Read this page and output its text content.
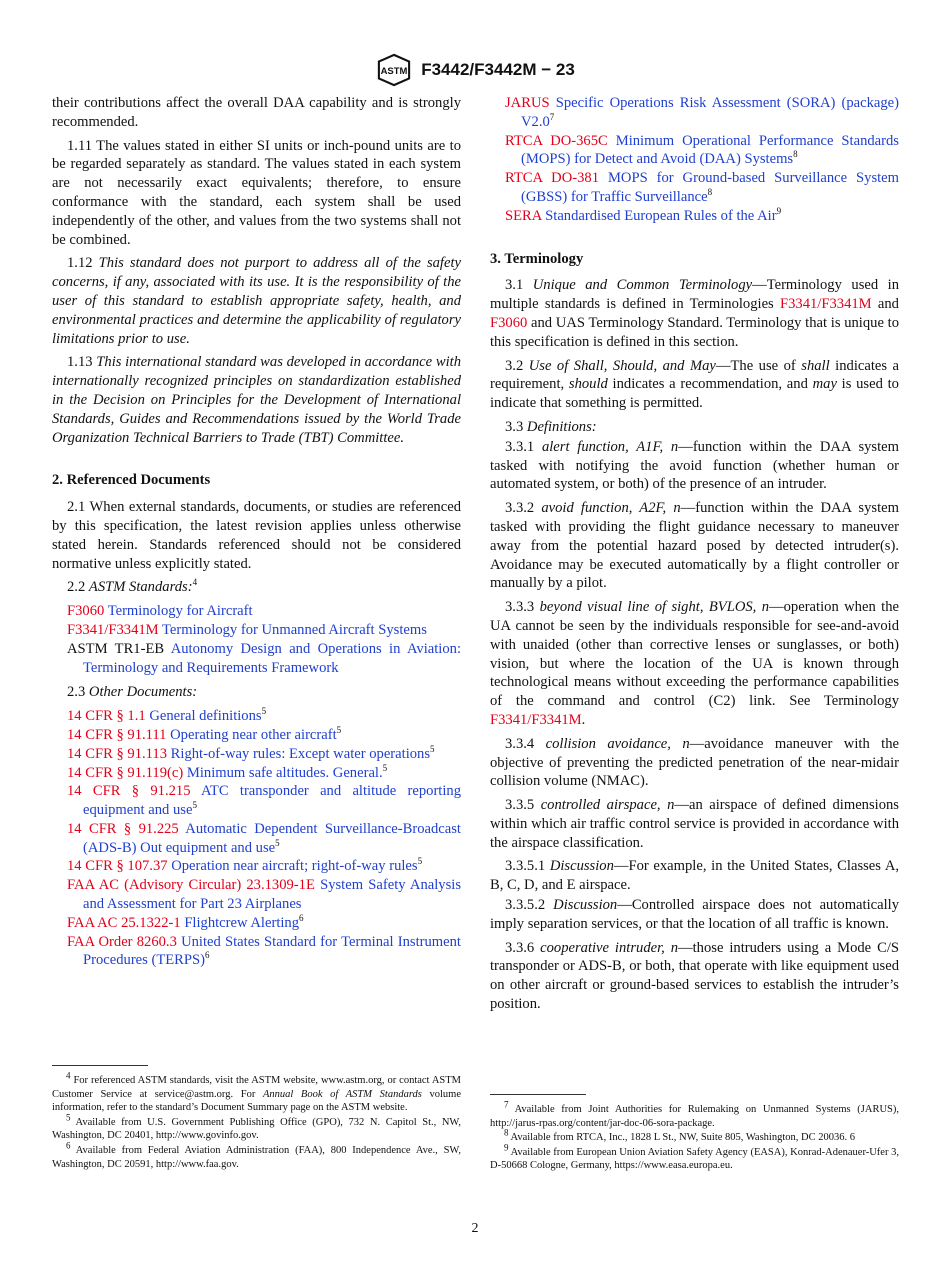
ASTM F3442/F3442M − 23

their contributions affect the overall DAA capability and is strongly recommended.

1.11 The values stated in either SI units or inch-pound units are to be regarded separately as standard. The values stated in each system are not necessarily exact equivalents; therefore, to ensure conformance with the standard, each system shall be used independently of the other, and values from the two systems shall not be combined.

1.12 This standard does not purport to address all of the safety concerns, if any, associated with its use. It is the responsibility of the user of this standard to establish appropriate safety, health, and environmental practices and determine the applicability of regulatory limitations prior to use.

1.13 This international standard was developed in accordance with internationally recognized principles on standardization established in the Decision on Principles for the Development of International Standards, Guides and Recommendations issued by the World Trade Organization Technical Barriers to Trade (TBT) Committee.

2. Referenced Documents

2.1 When external standards, documents, or studies are referenced by this specification, the latest revision applies unless otherwise stated herein. Standards referenced should not be considered normative unless explicitly stated.

2.2 ASTM Standards:$^4$

F3060 Terminology for Aircraft
F3341/F3341M Terminology for Unmanned Aircraft Systems
ASTM TR1-EB Autonomy Design and Operations in Aviation: Terminology and Requirements Framework

2.3 Other Documents:

14 CFR § 1.1 General definitions$^5$
14 CFR § 91.111 Operating near other aircraft$^5$
14 CFR § 91.113 Right-of-way rules: Except water operations$^5$
14 CFR § 91.119(c) Minimum safe altitudes. General.$^5$
14 CFR § 91.215 ATC transponder and altitude reporting equipment and use$^5$
14 CFR § 91.225 Automatic Dependent Surveillance-Broadcast (ADS-B) Out equipment and use$^5$
14 CFR § 107.37 Operation near aircraft; right-of-way rules$^5$
FAA AC (Advisory Circular) 23.1309-1E System Safety Analysis and Assessment for Part 23 Airplanes
FAA AC 25.1322-1 Flightcrew Alerting$^6$
FAA Order 8260.3 United States Standard for Terminal Instrument Procedures (TERPS)$^6$

$^4$ For referenced ASTM standards, visit the ASTM website, www.astm.org, or contact ASTM Customer Service at service@astm.org. For Annual Book of ASTM Standards volume information, refer to the standard’s Document Summary page on the ASTM website.

$^5$ Available from U.S. Government Publishing Office (GPO), 732 N. Capitol St., NW, Washington, DC 20401, http://www.govinfo.gov.

$^6$ Available from Federal Aviation Administration (FAA), 800 Independence Ave., SW, Washington, DC 20591, http://www.faa.gov.

JARUS Specific Operations Risk Assessment (SORA) (package) $V2.0^7$
RTCA DO-365C Minimum Operational Performance Standards (MOPS) for Detect and Avoid (DAA) Systems$^8$
RTCA DO-381 MOPS for Ground-based Surveillance System (GBSS) for Traffic Surveillance$^8$
SERA Standardised European Rules of the Air$^9$
3. Terminology

3.1 Unique and Common Terminology—Terminology used in multiple standards is defined in Terminologies F3341/F3341M and F3060 and UAS Terminology Standard. Terminology that is unique to this specification is defined in this section.

3.2 Use of Shall, Should, and May—The use of shall indicates a requirement, should indicates a recommendation, and may is used to indicate that something is permitted.

3.3 Definitions:

3.3.1 alert function, A1F, n—function within the DAA system tasked with notifying the avoid function (whether human or automated system, or both) of the presence of an intruder.

3.3.2 avoid function, A2F, n—function within the DAA system tasked with providing the flight guidance necessary to maneuver away from the potential hazard posed by detected intruder(s). Avoidance may be executed automatically by a flight controller or manually by a pilot.

3.3.3 beyond visual line of sight, BVLOS, n—operation when the UA cannot be seen by the individuals responsible for see-and-avoid with unaided (other than corrective lenses or sunglasses, or both) vision, but where the location of the UA is known through technological means without exceeding the performance capabilities of the command and control (C2) link. See Terminology F3341/F3341M.

3.3.4 collision avoidance, n—avoidance maneuver with the objective of preventing the predicted penetration of the near-midair collision volume (NMAC).

3.3.5 controlled airspace, n—an airspace of defined dimensions within which air traffic control service is provided in accordance with the airspace classification.

3.3.5.1 Discussion—For example, in the United States, Classes A, B, C, D, and E airspace.

3.3.5.2 Discussion—Controlled airspace does not automatically imply separation services, or that the location of all traffic is known.

3.3.6 cooperative intruder, n—those intruders using a Mode C/S transponder or ADS-B, or both, that operate with like equipment used on other aircraft or ground-based services to establish the intruder’s position.

$^7$ Available from Joint Authorities for Rulemaking on Unmanned Systems (JARUS), http://jarus-rpas.org/content/jar-doc-06-sora-package.

$^8$ Available from RTCA, Inc., 1828 L St., NW, Suite 805, Washington, DC 20036. 6

$^9$ Available from European Union Aviation Safety Agency (EASA), Konrad-Adenauer-Ufer 3, D-50668 Cologne, Germany, https://www.easa.europa.eu.

2
